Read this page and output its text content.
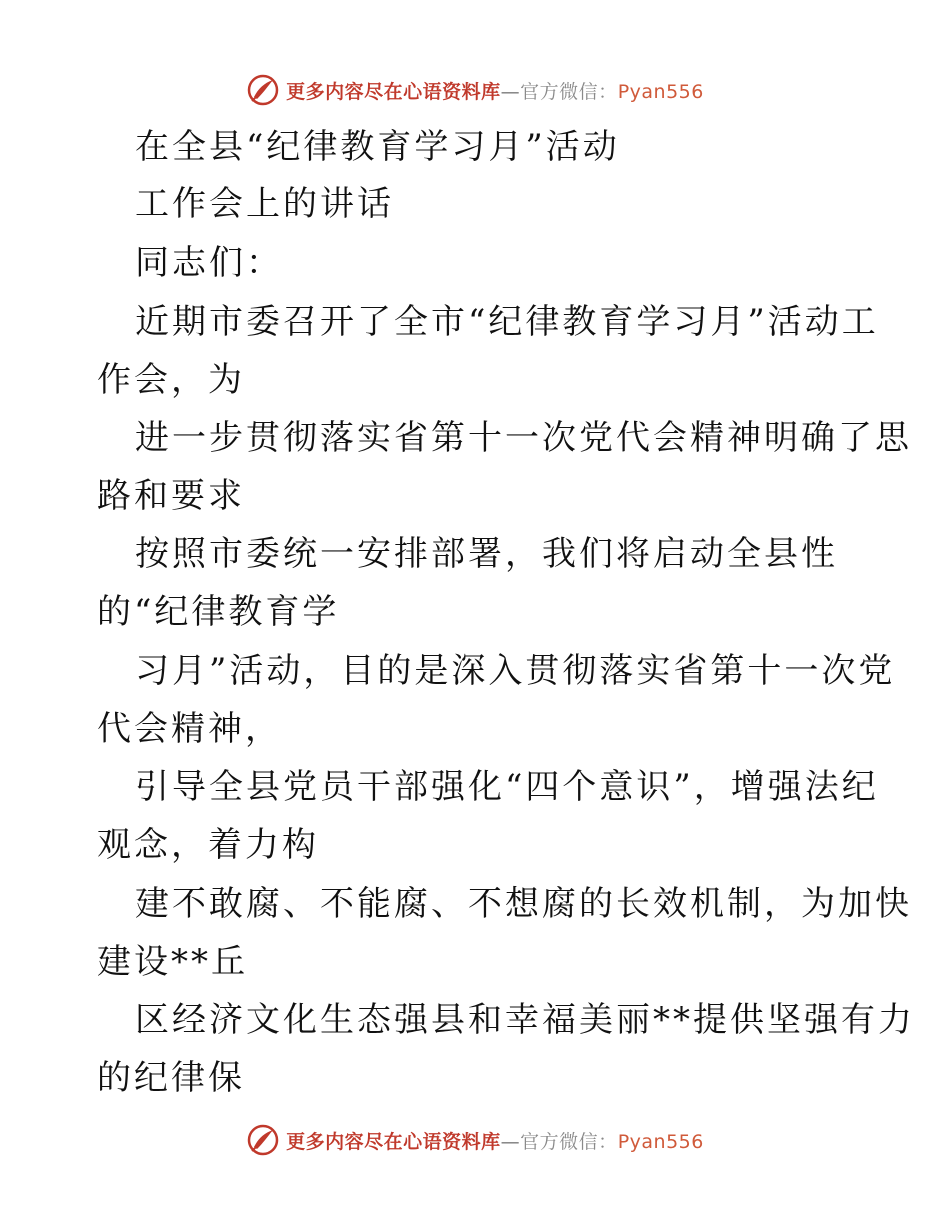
更多内容尽在心语资料库—官方微信：Pyan556
在全县“纪律教育学习月”活动
工作会上的讲话
同志们：
近期市委召开了全市“纪律教育学习月”活动工
作会，为
进一步贯彻落实省第十一次党代会精神明确了思
路和要求
按照市委统一安排部署，我们将启动全县性
的“纪律教育学
习月”活动，目的是深入贯彻落实省第十一次党
代会精神，
引导全县党员干部强化“四个意识”，增强法纪
观念，着力构
建不敢腐、不能腐、不想腐的长效机制，为加快
建设**丘
区经济文化生态强县和幸福美丽**提供坚强有力
的纪律保
更多内容尽在心语资料库—官方微信：Pyan556
